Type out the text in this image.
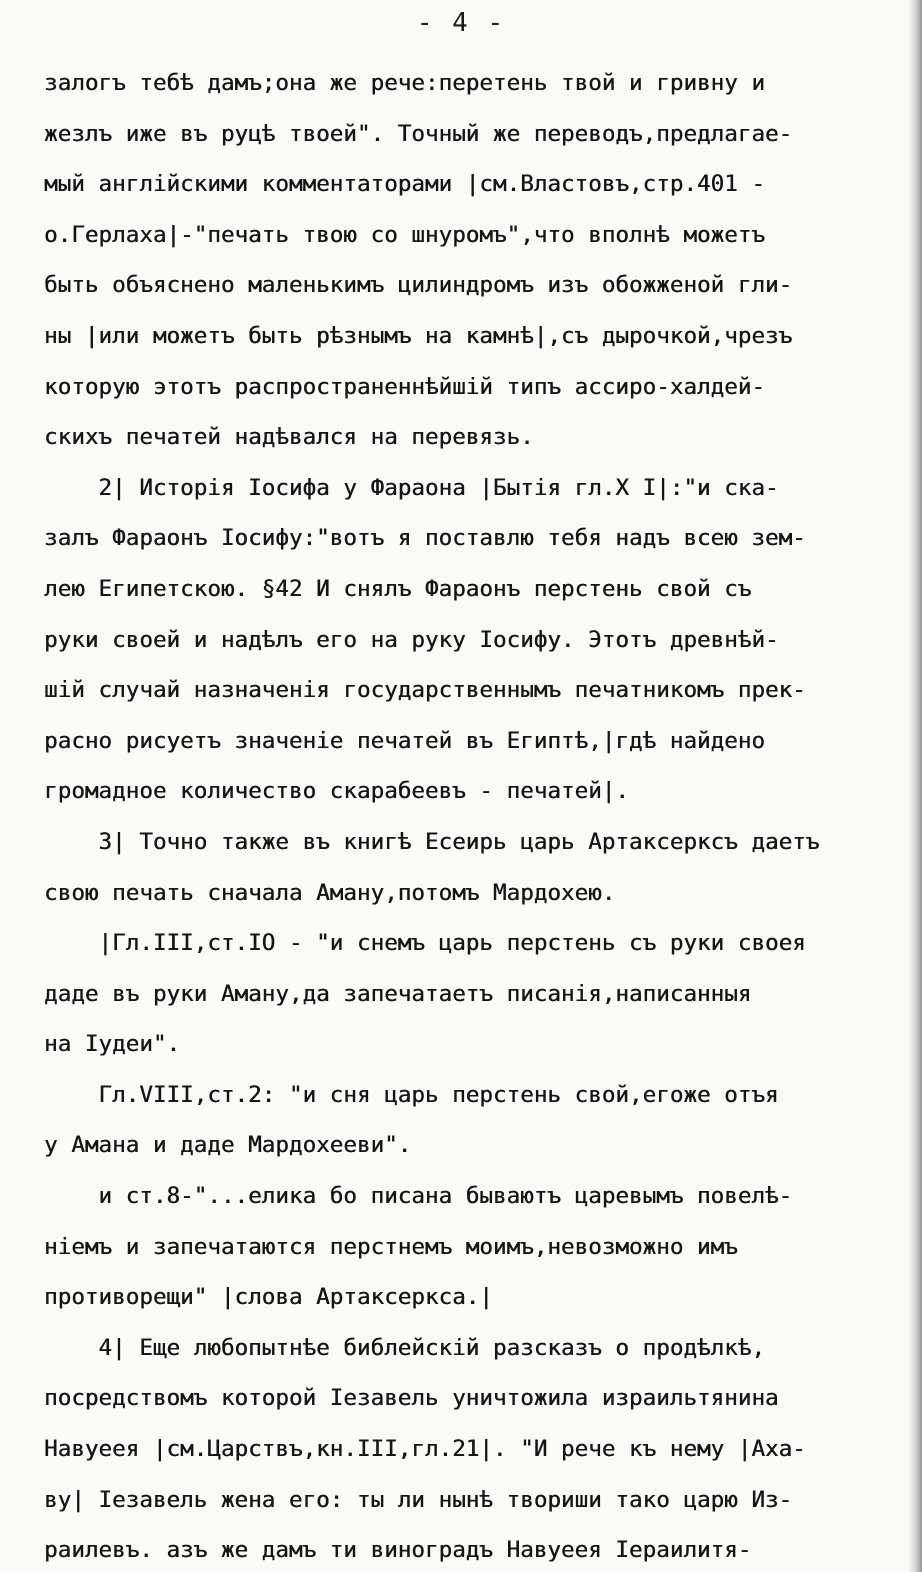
- 4 -
залогъ тебѣ дамъ;она же рече:перетень твой и гривну и
жезлъ иже въ руцѣ твоей". Точный же переводъ,предлагае-
мый англійскими комментаторами |см.Властовъ,стр.401 -
о.Герлаха|-"печать твою со шнуромъ",что вполнѣ можетъ
быть объяснено маленькимъ цилиндромъ изъ обожженой гли-
ны |или можетъ быть рѣзнымъ на камнѣ|,съ дырочкой,чрезъ
которую этотъ распространеннѣйшій типъ ассиро-халдей-
скихъ печатей надѣвался на перевязь.
2| Исторія Іосифа у Фараона |Бытія гл.Х I|:"и ска-
залъ Фараонъ Іосифу:"вотъ я поставлю тебя надъ всею зем-
лею Египетскою. §42 И снялъ Фараонъ перстень свой съ
руки своей и надѣлъ его на руку Іосифу. Этотъ древнѣй-
шій случай назначенія государственнымъ печатникомъ прек-
расно рисуетъ значеніе печатей въ Египтѣ,|гдѣ найдено
громадное количество скарабеевъ - печатей|.
3| Точно также въ книгѣ Есеирь царь Артаксерксъ даетъ
свою печать сначала Аману,потомъ Мардохею.
|Гл.III,ст.IО - "и снемъ царь перстень съ руки своея
даде въ руки Аману,да запечатаетъ писанія,написанныя
на Іудеи".
Гл.VIII,ст.2: "и сня царь перстень свой,егоже отъя
у Амана и даде Мардохееви".
и ст.8-"...елика бо писана бываютъ царевымъ повелѣ-
ніемъ и запечатаются перстнемъ моимъ,невозможно имъ
противорещи" |слова Артаксеркса.|
4| Еще любопытнѣе библейскій разсказъ о продѣлкѣ,
посредствомъ которой Іезавель уничтожила израильтянина
Навуеея |см.Царствъ,кн.III,гл.21|. "И рече къ нему |Аха-
ву| Іезавель жена его: ты ли нынѣ твориши тако царю Из-
раилевъ. азъ же дамъ ти виноградъ Навуеея Іераилитя-
